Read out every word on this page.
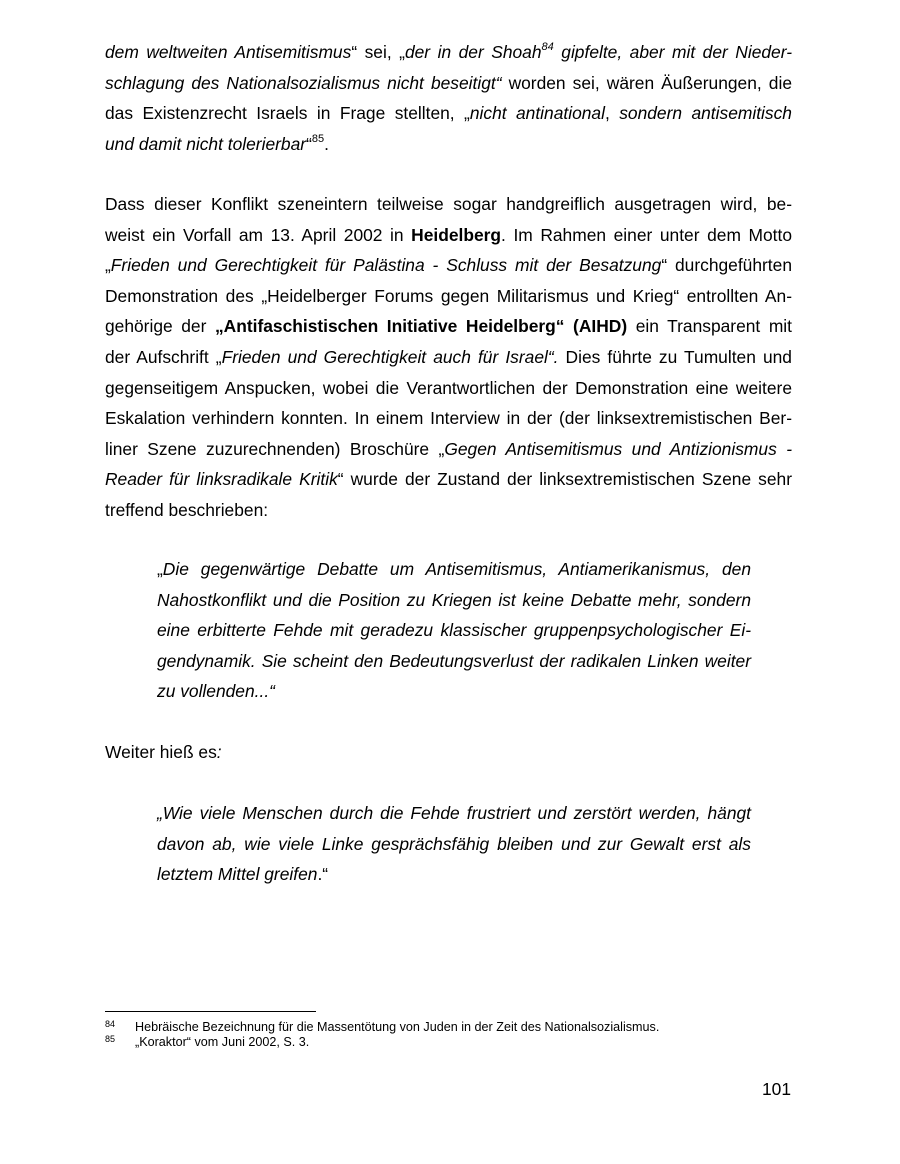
dem weltweiten Antisemitismus“ sei, „der in der Shoah$^{84}$ gipfelte, aber mit der Nieder-
schlagung des Nationalsozialismus nicht beseitigt“ worden sei, wären Äußerungen, die
das Existenzrecht Israels in Frage stellten, „nicht antinational, sondern antisemitisch
und damit nicht tolerierbar“$^{85}$.
Dass dieser Konflikt szeneintern teilweise sogar handgreiflich ausgetragen wird, be-
weist ein Vorfall am 13. April 2002 in Heidelberg. Im Rahmen einer unter dem Motto
„Frieden und Gerechtigkeit für Palästina - Schluss mit der Besatzung“ durchgeführten
Demonstration des „Heidelberger Forums gegen Militarismus und Krieg“ entrollten An-
gehörige der „Antifaschistischen Initiative Heidelberg“ (AIHD) ein Transparent mit
der Aufschrift „Frieden und Gerechtigkeit auch für Israel“. Dies führte zu Tumulten und
gegenseitigem Anspucken, wobei die Verantwortlichen der Demonstration eine weitere
Eskalation verhindern konnten. In einem Interview in der (der linksextremistischen Ber-
liner Szene zuzurechnenden) Broschüre „Gegen Antisemitismus und Antizionismus -
Reader für linksradikale Kritik“ wurde der Zustand der linksextremistischen Szene sehr
treffend beschrieben:
„Die gegenwärtige Debatte um Antisemitismus, Antiamerikanismus, den
Nahostkonflikt und die Position zu Kriegen ist keine Debatte mehr, sondern
eine erbitterte Fehde mit geradezu klassischer gruppenpsychologischer Ei-
gendynamik. Sie scheint den Bedeutungsverlust der radikalen Linken weiter
zu vollenden...“
Weiter hieß es:
„Wie viele Menschen durch die Fehde frustriert und zerstört werden, hängt
davon ab, wie viele Linke gesprächsfähig bleiben und zur Gewalt erst als
letztem Mittel greifen.“
84 Hebräische Bezeichnung für die Massentötung von Juden in der Zeit des Nationalsozialismus.
85 „Koraktor“ vom Juni 2002, S. 3.
101
